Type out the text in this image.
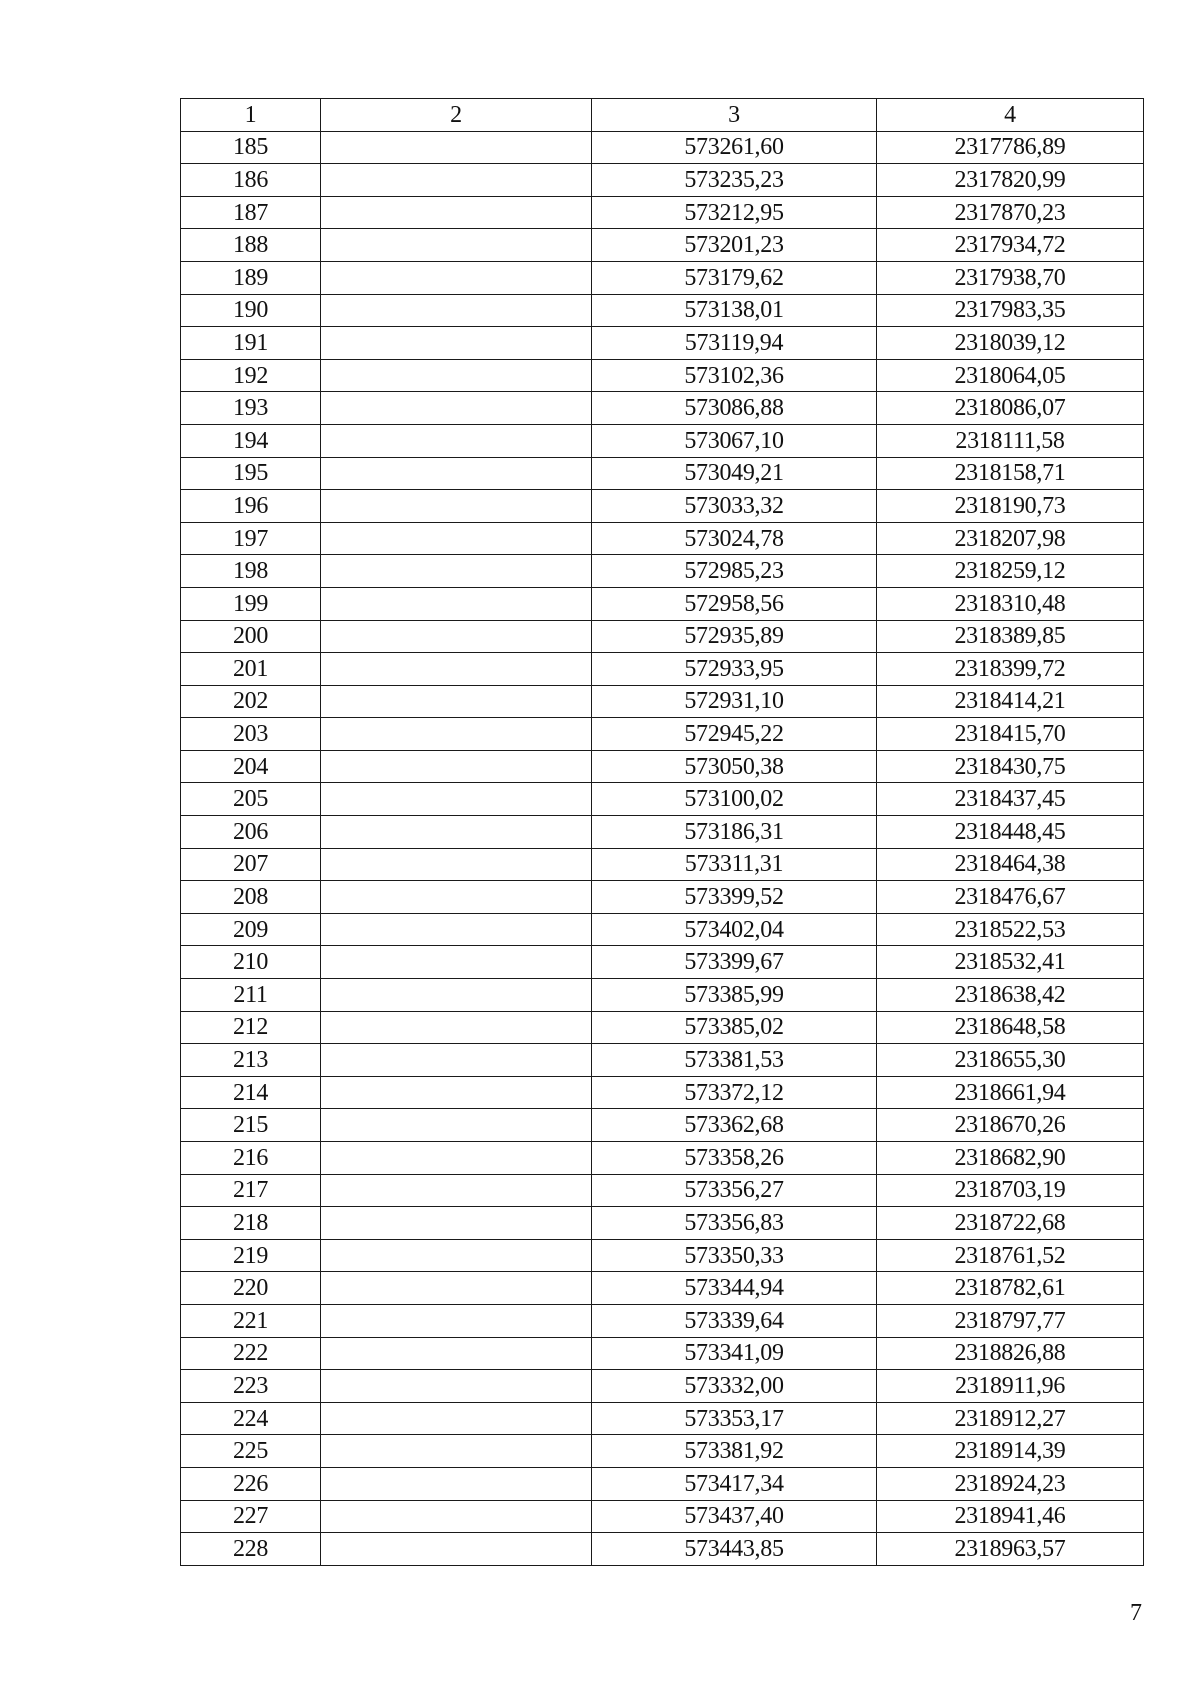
1	2	3	4
185		573261,60	2317786,89
186		573235,23	2317820,99
187		573212,95	2317870,23
188		573201,23	2317934,72
189		573179,62	2317938,70
190		573138,01	2317983,35
191		573119,94	2318039,12
192		573102,36	2318064,05
193		573086,88	2318086,07
194		573067,10	2318111,58
195		573049,21	2318158,71
196		573033,32	2318190,73
197		573024,78	2318207,98
198		572985,23	2318259,12
199		572958,56	2318310,48
200		572935,89	2318389,85
201		572933,95	2318399,72
202		572931,10	2318414,21
203		572945,22	2318415,70
204		573050,38	2318430,75
205		573100,02	2318437,45
206		573186,31	2318448,45
207		573311,31	2318464,38
208		573399,52	2318476,67
209		573402,04	2318522,53
210		573399,67	2318532,41
211		573385,99	2318638,42
212		573385,02	2318648,58
213		573381,53	2318655,30
214		573372,12	2318661,94
215		573362,68	2318670,26
216		573358,26	2318682,90
217		573356,27	2318703,19
218		573356,83	2318722,68
219		573350,33	2318761,52
220		573344,94	2318782,61
221		573339,64	2318797,77
222		573341,09	2318826,88
223		573332,00	2318911,96
224		573353,17	2318912,27
225		573381,92	2318914,39
226		573417,34	2318924,23
227		573437,40	2318941,46
228		573443,85	2318963,57
7
